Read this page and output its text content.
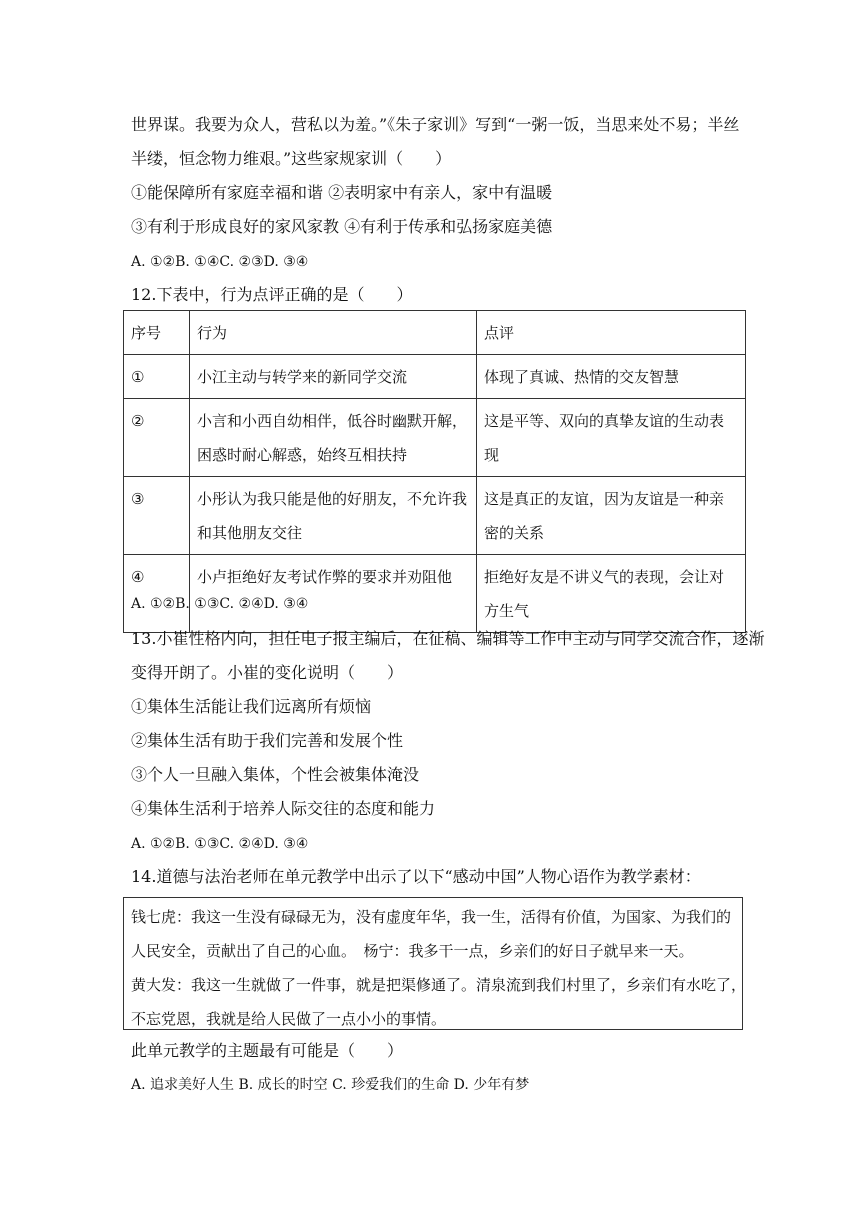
世界谋。我要为众人，营私以为羞。”《朱子家训》写到“一粥一饭，当思来处不易；半丝
半缕，恒念物力维艰。”这些家规家训（　　）
①能保障所有家庭幸福和谐 ②表明家中有亲人，家中有温暖
③有利于形成良好的家风家教 ④有利于传承和弘扬家庭美德
A. ①②B. ①④C. ②③D. ③④
12.下表中，行为点评正确的是（　　）
序号	行为	点评
①	小江主动与转学来的新同学交流	体现了真诚、热情的交友智慧
②	小言和小西自幼相伴，低谷时幽默开解，困惑时耐心解惑，始终互相扶持	这是平等、双向的真挚友谊的生动表现
③	小彤认为我只能是他的好朋友，不允许我和其他朋友交往	这是真正的友谊，因为友谊是一种亲密的关系
④	小卢拒绝好友考试作弊的要求并劝阻他	拒绝好友是不讲义气的表现，会让对方生气
A. ①②B. ①③C. ②④D. ③④
13.小崔性格内向，担任电子报主编后，在征稿、编辑等工作中主动与同学交流合作，逐渐
变得开朗了。小崔的变化说明（　　）
①集体生活能让我们远离所有烦恼
②集体生活有助于我们完善和发展个性
③个人一旦融入集体，个性会被集体淹没
④集体生活利于培养人际交往的态度和能力
A. ①②B. ①③C. ②④D. ③④
14.道德与法治老师在单元教学中出示了以下“感动中国”人物心语作为教学素材：
钱七虎：我这一生没有碌碌无为，没有虚度年华，我一生，活得有价值，为国家、为我们的
人民安全，贡献出了自己的心血。　杨宁：我多干一点，乡亲们的好日子就早来一天。
黄大发：我这一生就做了一件事，就是把渠修通了。清泉流到我们村里了，乡亲们有水吃了，
不忘党恩，我就是给人民做了一点小小的事情。
此单元教学的主题最有可能是（　　）
A. 追求美好人生 B. 成长的时空 C. 珍爱我们的生命 D. 少年有梦
